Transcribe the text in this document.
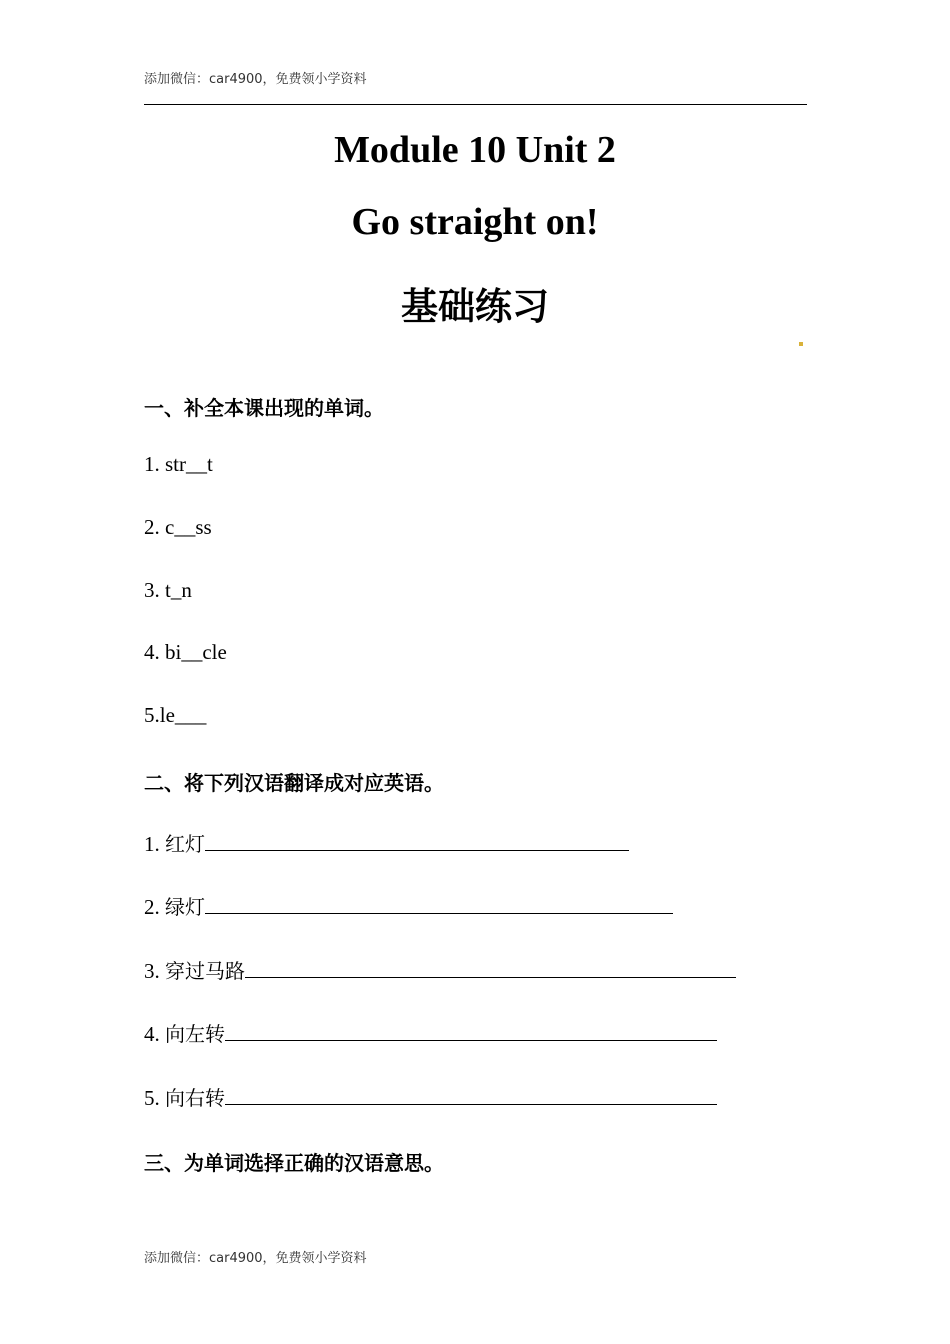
添加微信：car4900，免费领小学资料
Module 10 Unit 2
Go straight on!
基础练习
一、补全本课出现的单词。
1. str__t
2. c__ss
3. t_n
4. bi__cle
5.le___
二、将下列汉语翻译成对应英语。
1. 红灯
2. 绿灯
3. 穿过马路
4. 向左转
5. 向右转
三、为单词选择正确的汉语意思。
添加微信：car4900，免费领小学资料
